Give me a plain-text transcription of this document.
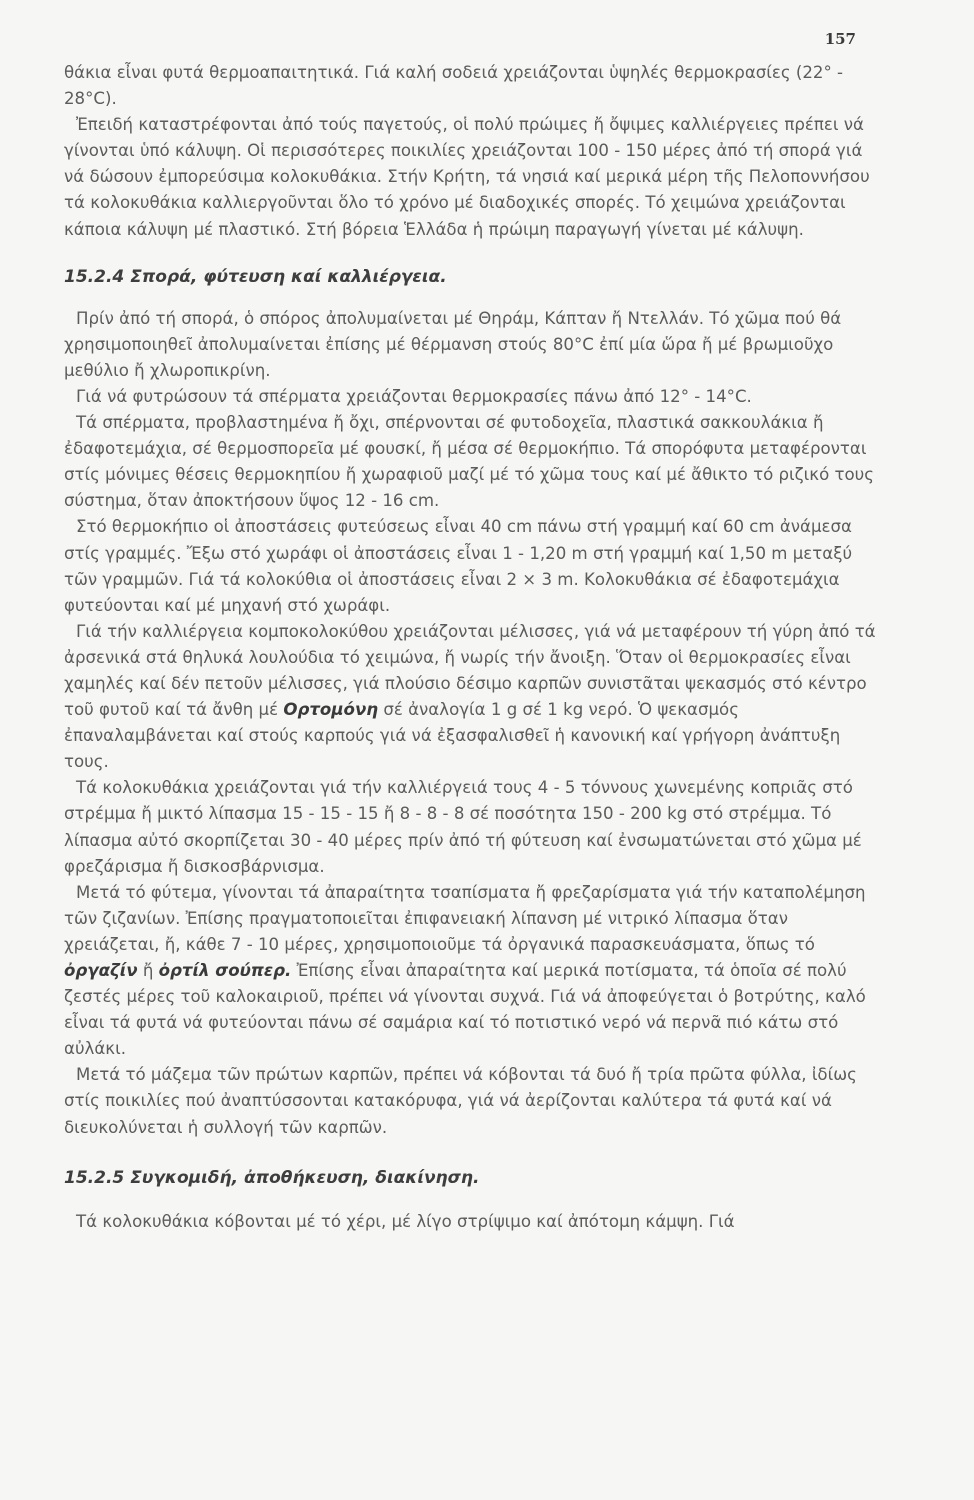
157

θάκια εἶναι φυτά θερμοαπαιτητικά. Γιά καλή σοδειά χρειάζονται ὑψηλές θερμοκρασίες (22° - 28°C).

Ἐπειδή καταστρέφονται ἀπό τούς παγετούς, οἱ πολύ πρώιμες ἤ ὄψιμες καλλιέργειες πρέπει νά γίνονται ὑπό κάλυψη. Οἱ περισσότερες ποικιλίες χρειάζονται 100 - 150 μέρες ἀπό τή σπορά γιά νά δώσουν ἐμπορεύσιμα κολοκυθάκια. Στήν Κρήτη, τά νησιά καί μερικά μέρη τῆς Πελοποννήσου τά κολοκυθάκια καλλιεργοῦνται ὅλο τό χρόνο μέ διαδοχικές σπορές. Τό χειμώνα χρειάζονται κάποια κάλυψη μέ πλαστικό. Στή βόρεια Ἑλλάδα ἡ πρώιμη παραγωγή γίνεται μέ κάλυψη.

15.2.4 Σπορά, φύτευση καί καλλιέργεια.

Πρίν ἀπό τή σπορά, ὁ σπόρος ἀπολυμαίνεται μέ Θηράμ, Κάπταν ἤ Ντελλάν. Τό χῶμα πού θά χρησιμοποιηθεῖ ἀπολυμαίνεται ἐπίσης μέ θέρμανση στούς 80°C ἐπί μία ὥρα ἤ μέ βρωμιοῦχο μεθύλιο ἤ χλωροπικρίνη.

Γιά νά φυτρώσουν τά σπέρματα χρειάζονται θερμοκρασίες πάνω ἀπό 12° - 14°C.

Τά σπέρματα, προβλαστημένα ἤ ὄχι, σπέρνονται σέ φυτοδοχεῖα, πλαστικά σακκουλάκια ἤ ἐδαφοτεμάχια, σέ θερμοσπορεῖα μέ φουσκί, ἤ μέσα σέ θερμοκήπιο. Τά σπορόφυτα μεταφέρονται στίς μόνιμες θέσεις θερμοκηπίου ἤ χωραφιοῦ μαζί μέ τό χῶμα τους καί μέ ἄθικτο τό ριζικό τους σύστημα, ὅταν ἀποκτήσουν ὕψος 12 - 16 cm.

Στό θερμοκήπιο οἱ ἀποστάσεις φυτεύσεως εἶναι 40 cm πάνω στή γραμμή καί 60 cm ἀνάμεσα στίς γραμμές. Ἔξω στό χωράφι οἱ ἀποστάσεις εἶναι 1 - 1,20 m στή γραμμή καί 1,50 m μεταξύ τῶν γραμμῶν. Γιά τά κολοκύθια οἱ ἀποστάσεις εἶναι 2 × 3 m. Κολοκυθάκια σέ ἐδαφοτεμάχια φυτεύονται καί μέ μηχανή στό χωράφι.

Γιά τήν καλλιέργεια κομποκολοκύθου χρειάζονται μέλισσες, γιά νά μεταφέρουν τή γύρη ἀπό τά ἀρσενικά στά θηλυκά λουλούδια τό χειμώνα, ἤ νωρίς τήν ἄνοιξη. Ὅταν οἱ θερμοκρασίες εἶναι χαμηλές καί δέν πετοῦν μέλισσες, γιά πλούσιο δέσιμο καρπῶν συνιστᾶται ψεκασμός στό κέντρο τοῦ φυτοῦ καί τά ἄνθη μέ Ορτομόνη σέ ἀναλογία 1 g σέ 1 kg νερό. Ὁ ψεκασμός ἐπαναλαμβάνεται καί στούς καρπούς γιά νά ἐξασφαλισθεῖ ἡ κανονική καί γρήγορη ἀνάπτυξη τους.

Τά κολοκυθάκια χρειάζονται γιά τήν καλλιέργειά τους 4 - 5 τόννους χωνεμένης κοπριᾶς στό στρέμμα ἤ μικτό λίπασμα 15 - 15 - 15 ἤ 8 - 8 - 8 σέ ποσότητα 150 - 200 kg στό στρέμμα. Τό λίπασμα αὐτό σκορπίζεται 30 - 40 μέρες πρίν ἀπό τή φύτευση καί ἐνσωματώνεται στό χῶμα μέ φρεζάρισμα ἤ δισκοσβάρνισμα.

Μετά τό φύτεμα, γίνονται τά ἀπαραίτητα τσαπίσματα ἤ φρεζαρίσματα γιά τήν καταπολέμηση τῶν ζιζανίων. Ἐπίσης πραγματοποιεῖται ἐπιφανειακή λίπανση μέ νιτρικό λίπασμα ὅταν χρειάζεται, ἤ, κάθε 7 - 10 μέρες, χρησιμοποιοῦμε τά ὀργανικά παρασκευάσματα, ὅπως τό ὀργαζίν ἤ ὀρτίλ σούπερ. Ἐπίσης εἶναι ἀπαραίτητα καί μερικά ποτίσματα, τά ὁποῖα σέ πολύ ζεστές μέρες τοῦ καλοκαιριοῦ, πρέπει νά γίνονται συχνά. Γιά νά ἀποφεύγεται ὁ βοτρύτης, καλό εἶναι τά φυτά νά φυτεύονται πάνω σέ σαμάρια καί τό ποτιστικό νερό νά περνᾶ πιό κάτω στό αὐλάκι.

Μετά τό μάζεμα τῶν πρώτων καρπῶν, πρέπει νά κόβονται τά δυό ἤ τρία πρῶτα φύλλα, ἰδίως στίς ποικιλίες πού ἀναπτύσσονται κατακόρυφα, γιά νά ἀερίζονται καλύτερα τά φυτά καί νά διευκολύνεται ἡ συλλογή τῶν καρπῶν.

15.2.5 Συγκομιδή, ἀποθήκευση, διακίνηση.

Τά κολοκυθάκια κόβονται μέ τό χέρι, μέ λίγο στρίψιμο καί ἀπότομη κάμψη. Γιά
